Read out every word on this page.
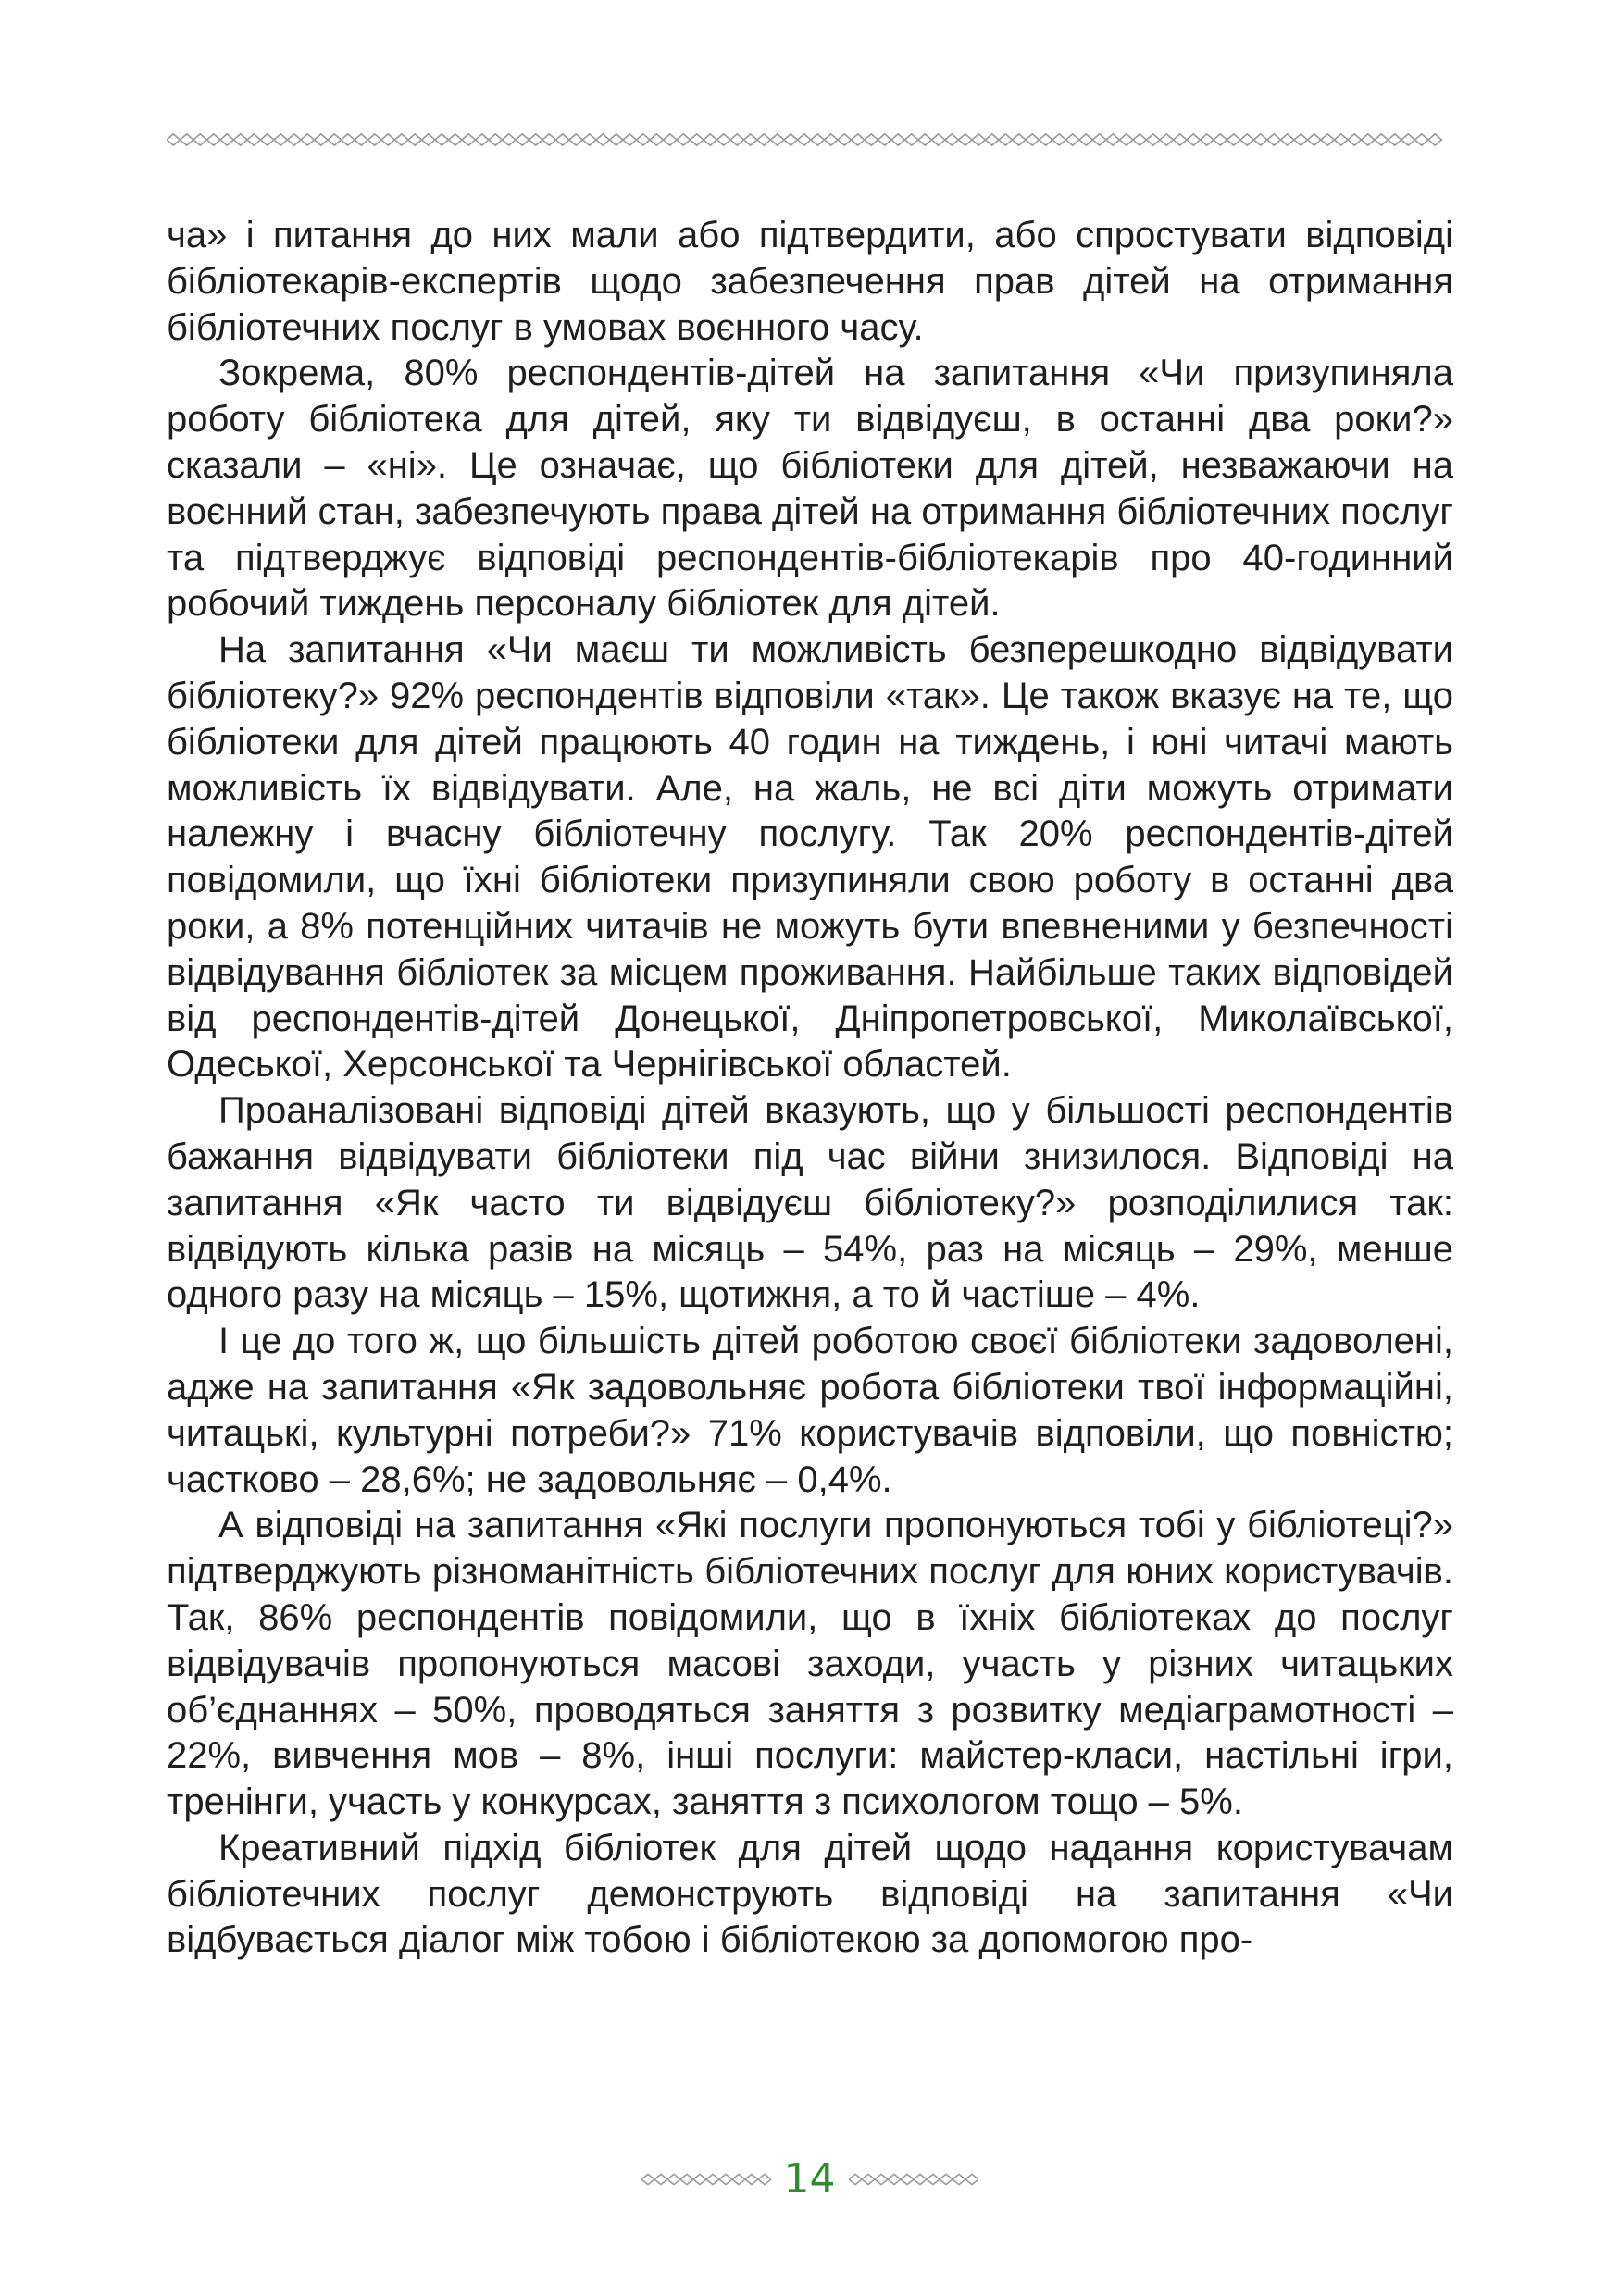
ча» і питання до них мали або підтвердити, або спростувати відповіді бібліотекарів-експертів щодо забезпечення прав дітей на отримання бібліотечних послуг в умовах воєнного часу.

Зокрема, 80% респондентів-дітей на запитання «Чи призупиняла роботу бібліотека для дітей, яку ти відвідуєш, в останні два роки?» сказали – «ні». Це означає, що бібліотеки для дітей, незважаючи на воєнний стан, забезпечують права дітей на отримання бібліотечних послуг та підтверджує відповіді респондентів-бібліотекарів про 40-годинний робочий тиждень персоналу бібліотек для дітей.

На запитання «Чи маєш ти можливість безперешкодно відвідувати бібліотеку?» 92% респондентів відповіли «так». Це також вказує на те, що бібліотеки для дітей працюють 40 годин на тиждень, і юні читачі мають можливість їх відвідувати. Але, на жаль, не всі діти можуть отримати належну і вчасну бібліотечну послугу. Так 20% респондентів-дітей повідомили, що їхні бібліотеки призупиняли свою роботу в останні два роки, а 8% потенційних читачів не можуть бути впевненими у безпечності відвідування бібліотек за місцем проживання. Найбільше таких відповідей від респондентів-дітей Донецької, Дніпропетровської, Миколаївської, Одеської, Херсонської та Чернігівської областей.

Проаналізовані відповіді дітей вказують, що у більшості респондентів бажання відвідувати бібліотеки під час війни знизилося. Відповіді на запитання «Як часто ти відвідуєш бібліотеку?» розподілилися так: відвідують кілька разів на місяць – 54%, раз на місяць – 29%, менше одного разу на місяць – 15%, щотижня, а то й частіше – 4%.

І це до того ж, що більшість дітей роботою своєї бібліотеки задоволені, адже на запитання «Як задовольняє робота бібліотеки твої інформаційні, читацькі, культурні потреби?» 71% користувачів відповіли, що повністю; частково – 28,6%; не задовольняє – 0,4%.

А відповіді на запитання «Які послуги пропонуються тобі у бібліотеці?» підтверджують різноманітність бібліотечних послуг для юних користувачів. Так, 86% респондентів повідомили, що в їхніх бібліотеках до послуг відвідувачів пропонуються масові заходи, участь у різних читацьких об’єднаннях – 50%, проводяться заняття з розвитку медіаграмотності – 22%, вивчення мов – 8%, інші послуги: майстер-класи, настільні ігри, тренінги, участь у конкурсах, заняття з психологом тощо – 5%.

Креативний підхід бібліотек для дітей щодо надання користувачам бібліотечних послуг демонструють відповіді на запитання «Чи відбувається діалог між тобою і бібліотекою за допомогою про-

14
